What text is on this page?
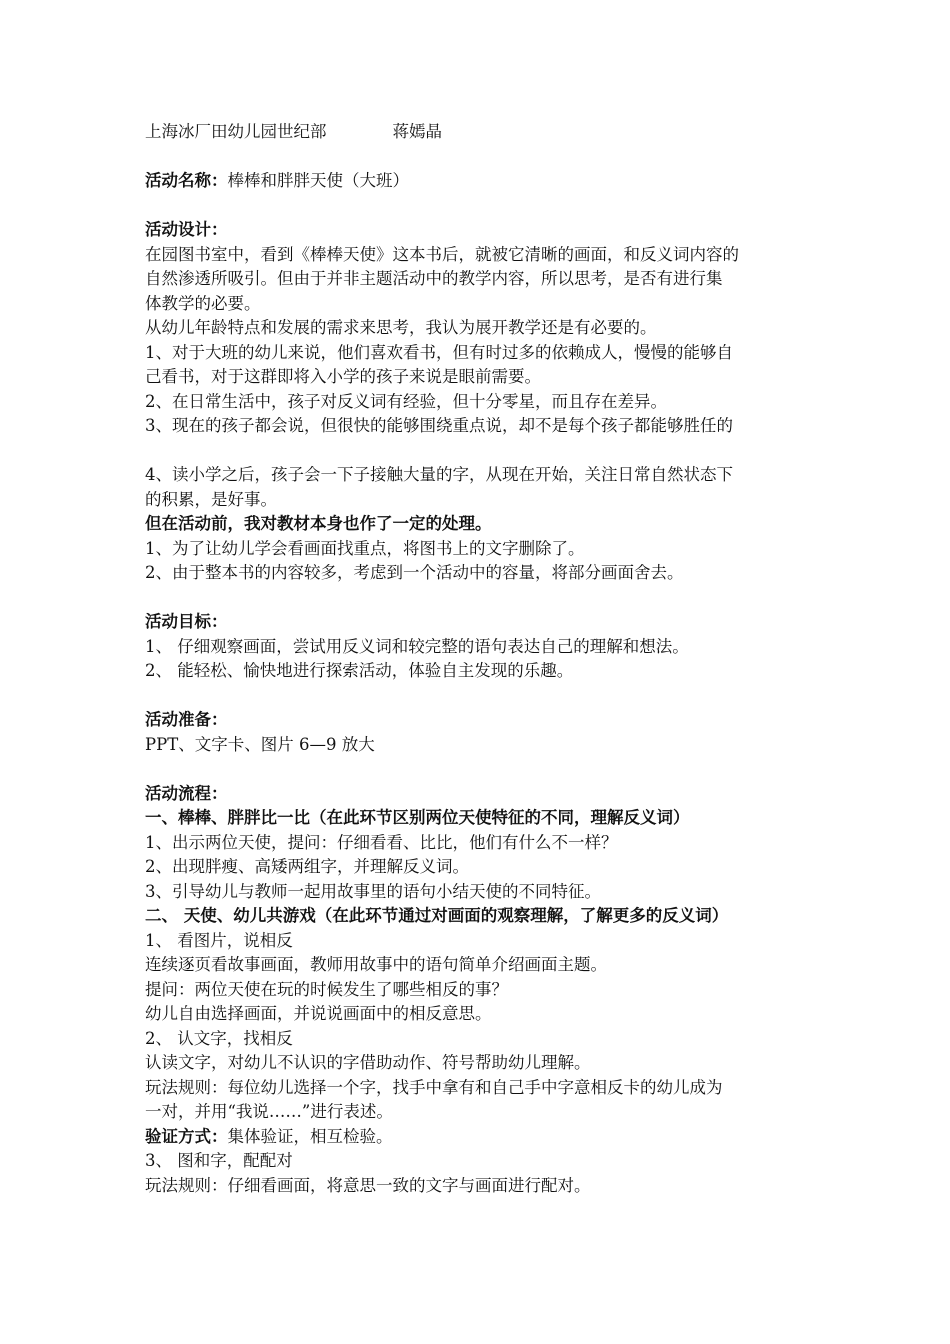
上海冰厂田幼儿园世纪部	蒋嫣晶
活动名称：棒棒和胖胖天使（大班）
活动设计：
在园图书室中，看到《棒棒天使》这本书后，就被它清晰的画面，和反义词内容的
自然渗透所吸引。但由于并非主题活动中的教学内容，所以思考，是否有进行集
体教学的必要。
从幼儿年龄特点和发展的需求来思考，我认为展开教学还是有必要的。
1、对于大班的幼儿来说，他们喜欢看书，但有时过多的依赖成人，慢慢的能够自
己看书，对于这群即将入小学的孩子来说是眼前需要。
2、在日常生活中，孩子对反义词有经验，但十分零星，而且存在差异。
3、现在的孩子都会说，但很快的能够围绕重点说，却不是每个孩子都能够胜任的
4、读小学之后，孩子会一下子接触大量的字，从现在开始，关注日常自然状态下
的积累，是好事。
但在活动前，我对教材本身也作了一定的处理。
1、为了让幼儿学会看画面找重点，将图书上的文字删除了。
2、由于整本书的内容较多，考虑到一个活动中的容量，将部分画面舍去。
活动目标：
1、 仔细观察画面，尝试用反义词和较完整的语句表达自己的理解和想法。
2、 能轻松、愉快地进行探索活动，体验自主发现的乐趣。
活动准备：
PPT、文字卡、图片 6—9 放大
活动流程：
一、棒棒、胖胖比一比（在此环节区别两位天使特征的不同，理解反义词）
1、出示两位天使，提问：仔细看看、比比，他们有什么不一样？
2、出现胖瘦、高矮两组字，并理解反义词。
3、引导幼儿与教师一起用故事里的语句小结天使的不同特征。
二、 天使、幼儿共游戏（在此环节通过对画面的观察理解，了解更多的反义词）
1、 看图片，说相反
连续逐页看故事画面，教师用故事中的语句简单介绍画面主题。
提问：两位天使在玩的时候发生了哪些相反的事？
幼儿自由选择画面，并说说画面中的相反意思。
2、 认文字，找相反
认读文字，对幼儿不认识的字借助动作、符号帮助幼儿理解。
玩法规则：每位幼儿选择一个字，找手中拿有和自己手中字意相反卡的幼儿成为
一对，并用“我说……”进行表述。
验证方式：集体验证，相互检验。
3、 图和字，配配对
玩法规则：仔细看画面，将意思一致的文字与画面进行配对。
